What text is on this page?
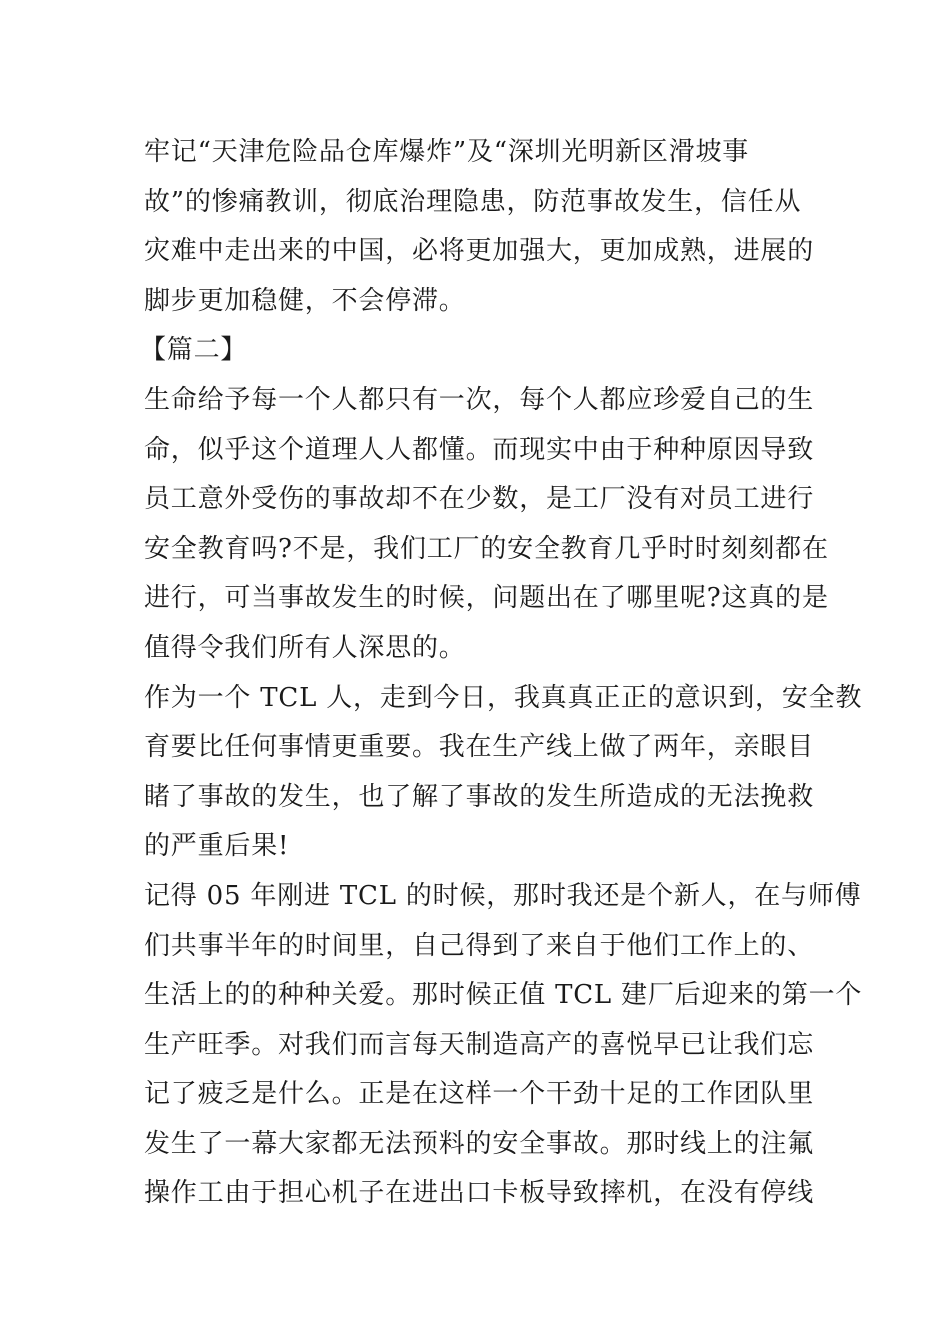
牢记“天津危险品仓库爆炸”及“深圳光明新区滑坡事
故”的惨痛教训，彻底治理隐患，防范事故发生，信任从
灾难中走出来的中国，必将更加强大，更加成熟，进展的
脚步更加稳健，不会停滞。
【篇二】
生命给予每一个人都只有一次，每个人都应珍爱自己的生
命，似乎这个道理人人都懂。而现实中由于种种原因导致
员工意外受伤的事故却不在少数，是工厂没有对员工进行
安全教育吗?不是，我们工厂的安全教育几乎时时刻刻都在
进行，可当事故发生的时候，问题出在了哪里呢?这真的是
值得令我们所有人深思的。
作为一个 TCL 人，走到今日，我真真正正的意识到，安全教
育要比任何事情更重要。我在生产线上做了两年，亲眼目
睹了事故的发生，也了解了事故的发生所造成的无法挽救
的严重后果!
记得 05 年刚进 TCL 的时候，那时我还是个新人，在与师傅
们共事半年的时间里，自己得到了来自于他们工作上的、
生活上的的种种关爱。那时候正值 TCL 建厂后迎来的第一个
生产旺季。对我们而言每天制造高产的喜悦早已让我们忘
记了疲乏是什么。正是在这样一个干劲十足的工作团队里
发生了一幕大家都无法预料的安全事故。那时线上的注氟
操作工由于担心机子在进出口卡板导致摔机，在没有停线
